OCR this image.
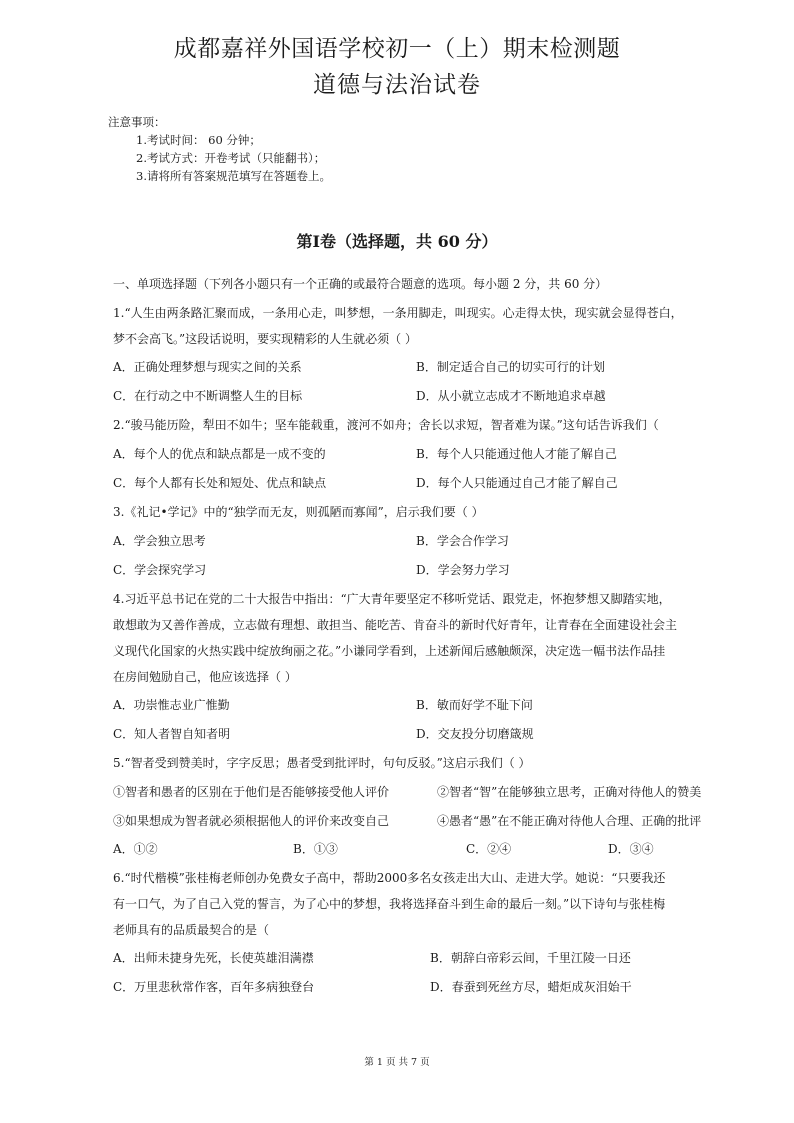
成都嘉祥外国语学校初一（上）期末检测题
道德与法治试卷
注意事项：
1.考试时间： 60 分钟；
2.考试方式：开卷考试（只能翻书）；
3.请将所有答案规范填写在答题卷上。
第Ⅰ卷（选择题，共 60 分）
一、单项选择题（下列各小题只有一个正确的或最符合题意的选项。每小题 2 分，共 60 分）
1.“人生由两条路汇聚而成，一条用心走，叫梦想，一条用脚走，叫现实。心走得太快，现实就会显得苍白，
梦不会高飞。”这段话说明，要实现精彩的人生就必须（ ）
A．正确处理梦想与现实之间的关系	B．制定适合自己的切实可行的计划
C．在行动之中不断调整人生的目标	D．从小就立志成才不断地追求卓越
2.“骏马能历险，犁田不如牛；坚车能载重，渡河不如舟；舍长以求短，智者难为谋。”这句话告诉我们（
A．每个人的优点和缺点都是一成不变的	B．每个人只能通过他人才能了解自己
C．每个人都有长处和短处、优点和缺点	D．每个人只能通过自己才能了解自己
3.《礼记•学记》中的“独学而无友，则孤陋而寡闻”，启示我们要（ ）
A．学会独立思考	B．学会合作学习
C．学会探究学习	D．学会努力学习
4.习近平总书记在党的二十大报告中指出：“广大青年要坚定不移听党话、跟党走，怀抱梦想又脚踏实地，
敢想敢为又善作善成，立志做有理想、敢担当、能吃苦、肯奋斗的新时代好青年，让青春在全面建设社会主
义现代化国家的火热实践中绽放绚丽之花。”小谦同学看到，上述新闻后感触颇深，决定选一幅书法作品挂
在房间勉励自己，他应该选择（ ）
A．功崇惟志业广惟勤	B．敏而好学不耻下问
C．知人者智自知者明	D．交友投分切磨箴规
5.“智者受到赞美时，字字反思；愚者受到批评时，句句反驳。”这启示我们（ ）
①智者和愚者的区别在于他们是否能够接受他人评价	②智者“智”在能够独立思考，正确对待他人的赞美
③如果想成为智者就必须根据他人的评价来改变自己	④愚者“愚”在不能正确对待他人合理、正确的批评
A．①②	B．①③	C．②④	D．③④
6.“时代楷模”张桂梅老师创办免费女子高中，帮助2000多名女孩走出大山、走进大学。她说：“只要我还
有一口气，为了自己入党的誓言，为了心中的梦想，我将选择奋斗到生命的最后一刻。”以下诗句与张桂梅
老师具有的品质最契合的是（
A．出师未捷身先死，长使英雄泪满襟	B．朝辞白帝彩云间，千里江陵一日还
C．万里悲秋常作客，百年多病独登台	D．春蚕到死丝方尽，蜡炬成灰泪始干
第 1 页 共 7 页
